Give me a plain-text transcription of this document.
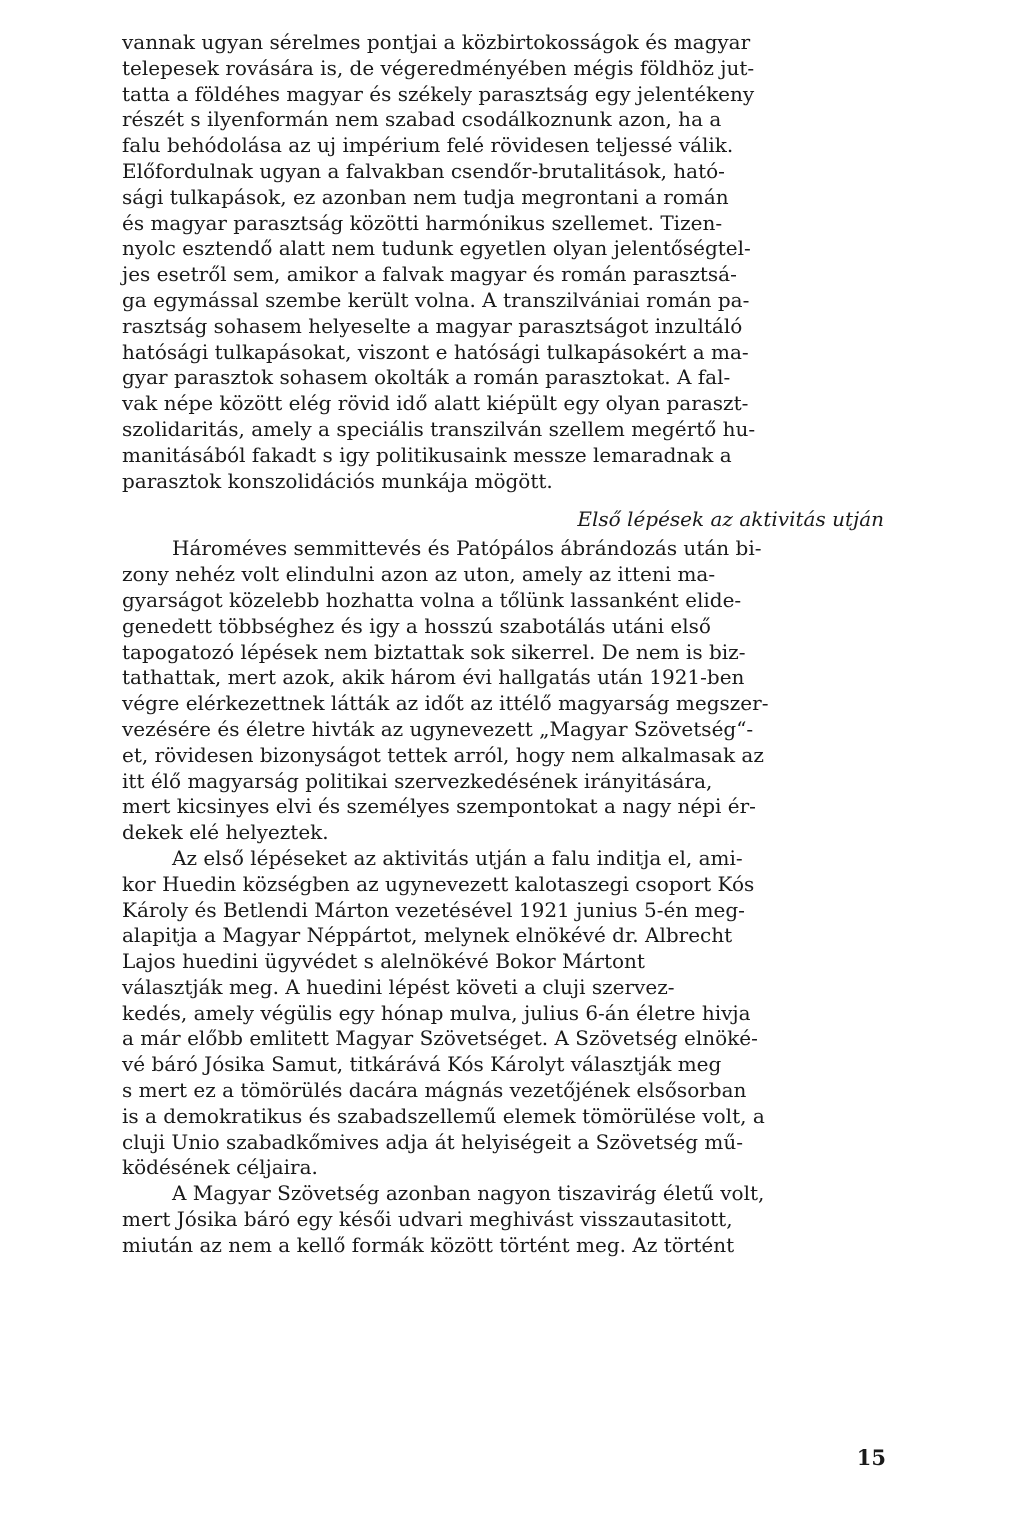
vannak ugyan sérelmes pontjai a közbirtokosságok és magyar
telepesek rovására is, de végeredményében mégis földhöz jut-
tatta a földéhes magyar és székely parasztság egy jelentékeny
részét s ilyenformán nem szabad csodálkoznunk azon, ha a
falu behódolása az uj impérium felé rövidesen teljessé válik.
Előfordulnak ugyan a falvakban csendőr-brutalitások, ható-
sági tulkapások, ez azonban nem tudja megrontani a román
és magyar parasztság közötti harmónikus szellemet. Tizen-
nyolc esztendő alatt nem tudunk egyetlen olyan jelentőségtel-
jes esetről sem, amikor a falvak magyar és román parasztsá-
ga egymással szembe került volna. A transzilvániai román pa-
rasztság sohasem helyeselte a magyar parasztságot inzultáló
hatósági tulkapásokat, viszont e hatósági tulkapásokért a ma-
gyar parasztok sohasem okolták a román parasztokat. A fal-
vak népe között elég rövid idő alatt kiépült egy olyan paraszt-
szolidaritás, amely a speciális transzilván szellem megértő hu-
manitásából fakadt s igy politikusaink messze lemaradnak a
parasztok konszolidációs munkája mögött.
Első lépések az aktivitás utján
Hároméves semmittevés és Patópálos ábrándozás után bi-
zony nehéz volt elindulni azon az uton, amely az itteni ma-
gyarságot közelebb hozhatta volna a tőlünk lassanként elide-
genedett többséghez és igy a hosszú szabotálás utáni első
tapogatozó lépések nem biztattak sok sikerrel. De nem is biz-
tathattak, mert azok, akik három évi hallgatás után 1921-ben
végre elérkezettnek látták az időt az ittélő magyarság megszer-
vezésére és életre hivták az ugynevezett „Magyar Szövetség“-
et, rövidesen bizonyságot tettek arról, hogy nem alkalmasak az
itt élő magyarság politikai szervezkedésének irányitására,
mert kicsinyes elvi és személyes szempontokat a nagy népi ér-
dekek elé helyeztek.
Az első lépéseket az aktivitás utján a falu inditja el, ami-
kor Huedin községben az ugynevezett kalotaszegi csoport Kós
Károly és Betlendi Márton vezetésével 1921 junius 5-én meg-
alapitja a Magyar Néppártot, melynek elnökévé dr. Albrecht
Lajos huedini ügyvédet s alelnökévé Bokor Mártont
választják meg. A huedini lépést követi a cluji szervez-
kedés, amely végülis egy hónap mulva, julius 6-án életre hivja
a már előbb emlitett Magyar Szövetséget. A Szövetség elnöké-
vé báró Jósika Samut, titkárává Kós Károlyt választják meg
s mert ez a tömörülés dacára mágnás vezetőjének elsősorban
is a demokratikus és szabadszellemű elemek tömörülése volt, a
cluji Unio szabadkőmives adja át helyiségeit a Szövetség mű-
ködésének céljaira.
A Magyar Szövetség azonban nagyon tiszavirág életű volt,
mert Jósika báró egy késői udvari meghivást visszautasitott,
miután az nem a kellő formák között történt meg. Az történt
15
